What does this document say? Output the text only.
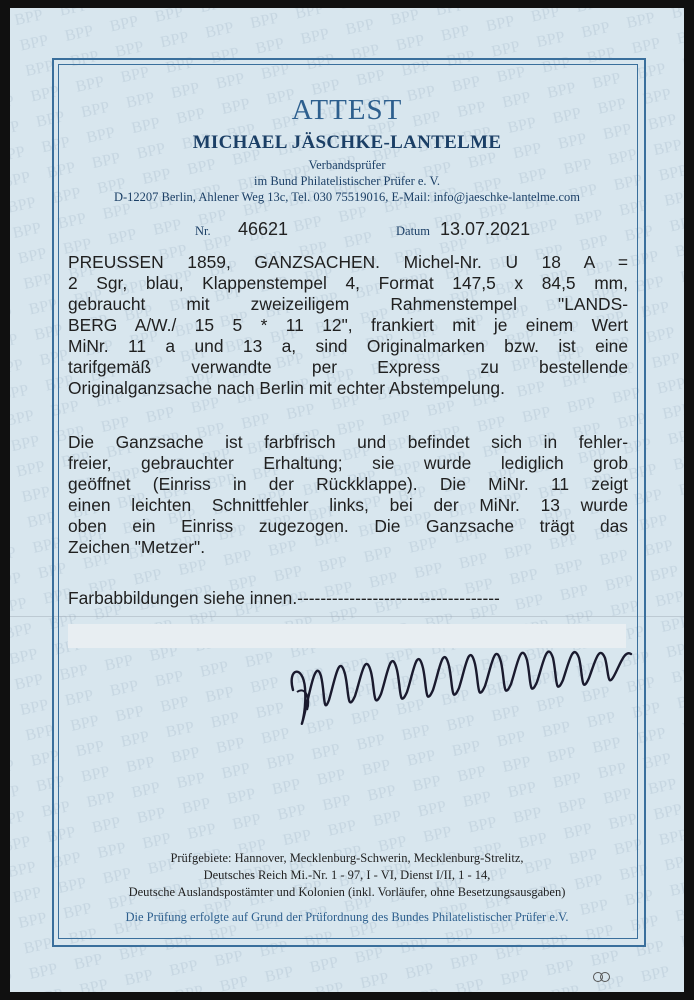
ATTEST
MICHAEL JÄSCHKE-LANTELME
Verbandsprüfer
im Bund Philatelistischer Prüfer e. V.
D-12207 Berlin, Ahlener Weg 13c, Tel. 030 75519016, E-Mail: info@jaeschke-lantelme.com
Nr. 46621	Datum 13.07.2021
PREUSSEN 1859, GANZSACHEN. Michel-Nr. U 18 A =
2 Sgr, blau, Klappenstempel 4, Format 147,5 x 84,5 mm,
gebraucht mit zweizeiligem Rahmenstempel "LANDS-
BERG A/W./ 15 5 * 11 12", frankiert mit je einem Wert
MiNr. 11 a und 13 a, sind Originalmarken bzw. ist eine
tarifgemäß verwandte per Express zu bestellende
Originalganzsache nach Berlin mit echter Abstempelung.
Die Ganzsache ist farbfrisch und befindet sich in fehler-
freier, gebrauchter Erhaltung; sie wurde lediglich grob
geöffnet (Einriss in der Rückklappe). Die MiNr. 11 zeigt
einen leichten Schnittfehler links, bei der MiNr. 13 wurde
oben ein Einriss zugezogen. Die Ganzsache trägt das
Zeichen "Metzer".
Farbabbildungen siehe innen.-----------------------------------
Prüfgebiete: Hannover, Mecklenburg-Schwerin, Mecklenburg-Strelitz,
Deutsches Reich Mi.-Nr. 1 - 97, I - VI, Dienst I/II, 1 - 14,
Deutsche Auslandspostämter und Kolonien (inkl. Vorläufer, ohne Besetzungsausgaben)
Die Prüfung erfolgte auf Grund der Prüfordnung des Bundes Philatelistischer Prüfer e.V.
